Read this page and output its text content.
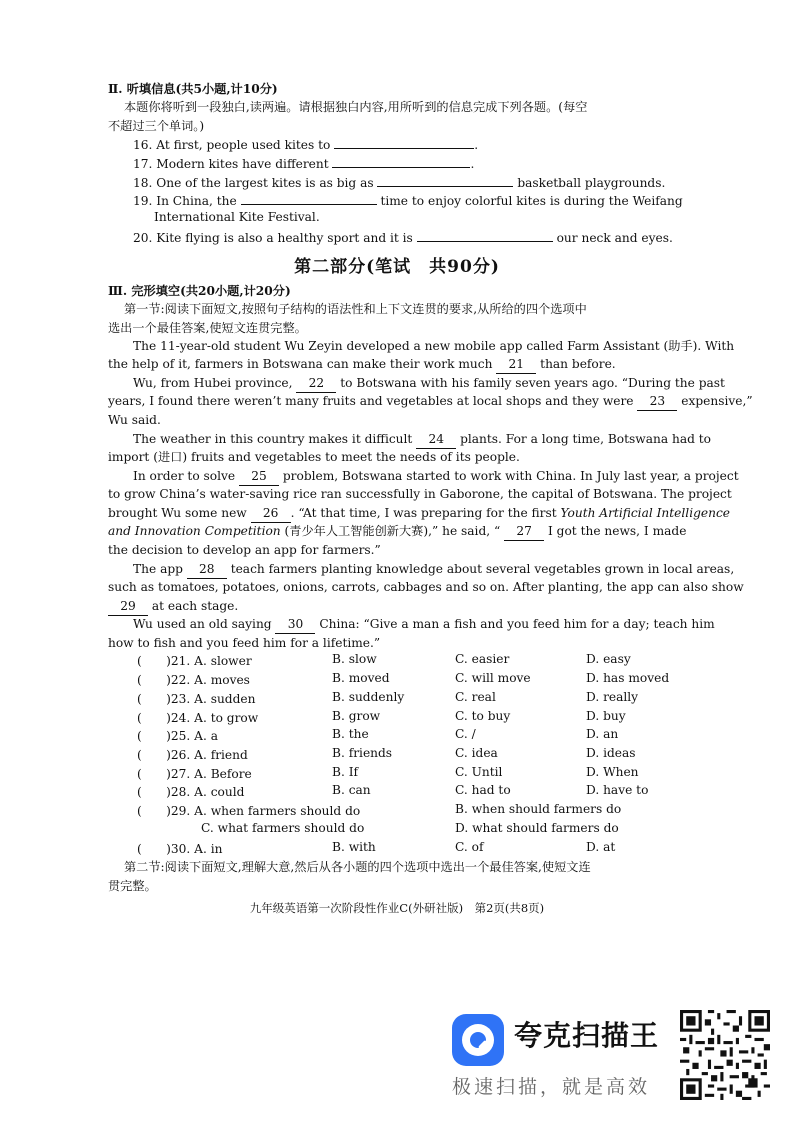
Ⅱ. 听填信息(共5小题,计10分)
本题你将听到一段独白,读两遍。请根据独白内容,用所听到的信息完成下列各题。(每空
不超过三个单词。)
16. At first, people used kites to	.
17. Modern kites have different	.
18. One of the largest kites is as big as	basketball playgrounds.
19. In China, the	time to enjoy colorful kites is during the Weifang
International Kite Festival.
20. Kite flying is also a healthy sport and it is	our neck and eyes.
第二部分(笔试　共90分)
Ⅲ. 完形填空(共20小题,计20分)
第一节:阅读下面短文,按照句子结构的语法性和上下文连贯的要求,从所给的四个选项中
选出一个最佳答案,使短文连贯完整。
The 11-year-old student Wu Zeyin developed a new mobile app called Farm Assistant (助手). With
the help of it, farmers in Botswana can make their work much 21 than before.
Wu, from Hubei province, 22 to Botswana with his family seven years ago. “During the past
years, I found there weren’t many fruits and vegetables at local shops and they were 23 expensive,”
Wu said.
The weather in this country makes it difficult 24 plants. For a long time, Botswana had to
import (进口) fruits and vegetables to meet the needs of its people.
In order to solve 25 problem, Botswana started to work with China. In July last year, a project
to grow China’s water-saving rice ran successfully in Gaborone, the capital of Botswana. The project
brought Wu some new 26 . “At that time, I was preparing for the first Youth Artificial Intelligence
and Innovation Competition (青少年人工智能创新大赛),” he said, “ 27 I got the news, I made
the decision to develop an app for farmers.”
The app 28 teach farmers planting knowledge about several vegetables grown in local areas,
such as tomatoes, potatoes, onions, carrots, cabbages and so on. After planting, the app can also show
29 at each stage.
Wu used an old saying 30 China: “Give a man a fish and you feed him for a day; teach him
how to fish and you feed him for a lifetime.”
(　　)21. A. slower	B. slow	C. easier	D. easy
(　　)22. A. moves	B. moved	C. will move	D. has moved
(　　)23. A. sudden	B. suddenly	C. real	D. really
(　　)24. A. to grow	B. grow	C. to buy	D. buy
(　　)25. A. a	B. the	C. /	D. an
(　　)26. A. friend	B. friends	C. idea	D. ideas
(　　)27. A. Before	B. If	C. Until	D. When
(　　)28. A. could	B. can	C. had to	D. have to
(　　)29. A. when farmers should do	B. when should farmers do
C. what farmers should do	D. what should farmers do
(　　)30. A. in	B. with	C. of	D. at
第二节:阅读下面短文,理解大意,然后从各小题的四个选项中选出一个最佳答案,使短文连
贯完整。
九年级英语第一次阶段性作业C(外研社版)　第2页(共8页)
夸克扫描王
极速扫描，就是高效
